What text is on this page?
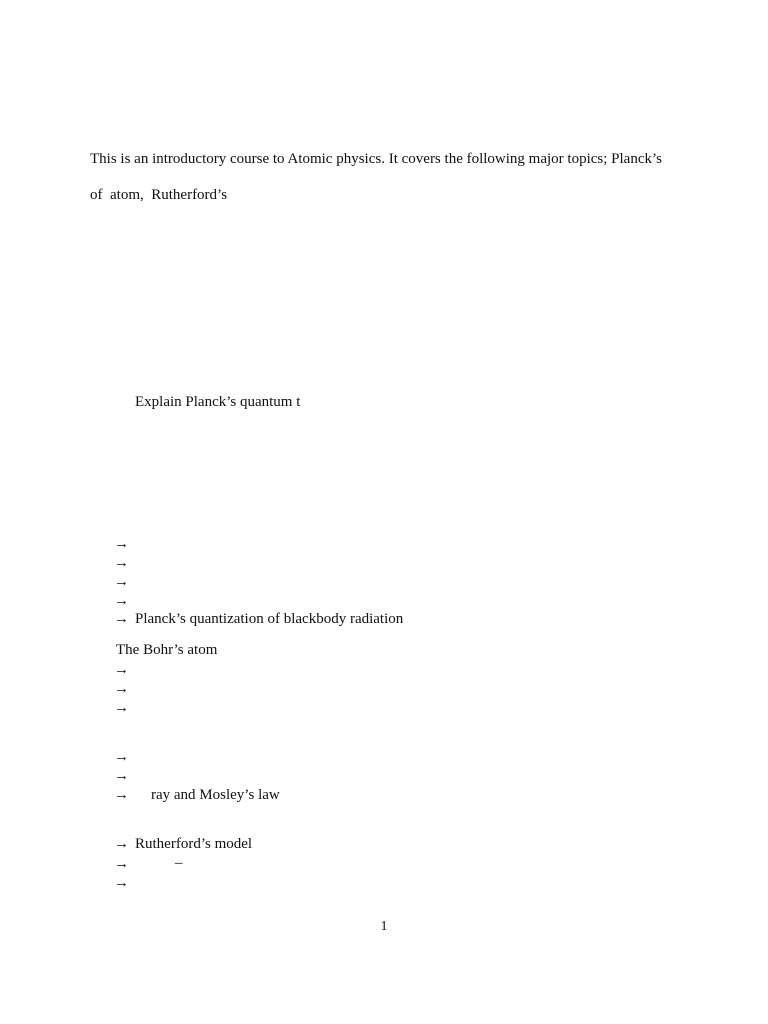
This is an introductory course to Atomic physics. It covers the following major topics; Planck’s
of  atom,  Rutherford’s
Explain Planck’s quantum t
→
→
→
→
→ Planck’s quantization of blackbody radiation
The Bohr’s atom
→
→
→
→
→
→ ray and Mosley’s law
→ Rutherford’s model
→	–
→
1
